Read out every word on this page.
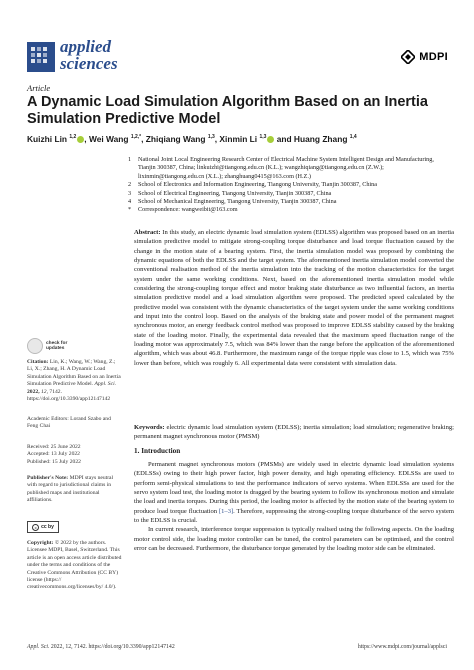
applied
sciences	MDPI
Article
A Dynamic Load Simulation Algorithm Based on an Inertia Simulation Predictive Model
Kuizhi Lin $^{1,2}$ , Wei Wang $^{1,2,*}$, Zhiqiang Wang $^{1,3}$, Xinmin Li $^{1,3}$ and Huang Zhang $^{1,4}$
1	National Joint Local Engineering Research Center of Electrical Machine System Intelligent Design and Manufacturing, Tianjin 300387, China; linkuizhi@tiangong.edu.cn (K.L.); wangzhiqiang@tiangong.edu.cn (Z.W.); lixinmin@tiangong.edu.cn (X.L.); zhanghuang0415@163.com (H.Z.)
2	School of Electronics and Information Engineering, Tiangong University, Tianjin 300387, China
3	School of Electrical Engineering, Tiangong University, Tianjin 300387, China
4	School of Mechanical Engineering, Tiangong University, Tianjin 300387, China
*	Correspondence: wangweibit@163.com
Abstract: In this study, an electric dynamic load simulation system (EDLSS) algorithm was proposed based on an inertia simulation predictive model to mitigate strong-coupling torque disturbance and load torque fluctuation caused by the change in the motion state of a bearing system. First, the inertia simulation model was proposed by combining the dynamic equations of both the EDLSS and the target system. The aforementioned inertia simulation model converted the conventional realisation method of the inertia simulation into the tracking of the motion characteristics for the target system under the same working conditions. Next, based on the aforementioned inertia simulation model while considering the strong-coupling torque effect and motor braking state disturbance as two influential factors, an inertia simulation predictive model and a load simulation algorithm were proposed. The predicted speed calculated by the predictive model was consistent with the dynamic characteristics of the target system under the same working conditions and input into the control loop. Based on the analysis of the braking state and power model of the permanent magnet synchronous motor, an energy feedback control method was proposed to improve EDLSS stability caused by the braking state of the loading motor. Finally, the experimental data revealed that the maximum speed fluctuation range of the loading motor was approximately 7.5, which was 84% lower than the range before the application of the aforementioned algorithm, which was about 46.8. Furthermore, the maximum range of the torque ripple was close to 1.5, which was 75% lower than before, which was roughly 6. All experimental data were consistent with simulation data.
Keywords: electric dynamic load simulation system (EDLSS); inertia simulation; load simulation; regenerative braking; permanent magnet synchronous motor (PMSM)
check for
updates
Citation: Lin, K.; Wang, W.; Wang, Z.; Li, X.; Zhang, H. A Dynamic Load Simulation Algorithm Based on an Inertia Simulation Predictive Model. Appl. Sci. 2022, 12, 7142. https://doi.org/10.3390/app12147142
Academic Editors: Lorand Szabo and Feng Chai
Received: 25 June 2022
Accepted: 13 July 2022
Published: 15 July 2022
Publisher's Note: MDPI stays neutral with regard to jurisdictional claims in published maps and institutional affiliations.
c cc by
Copyright: © 2022 by the authors. Licensee MDPI, Basel, Switzerland. This article is an open access article distributed under the terms and conditions of the Creative Commons Attribution (CC BY) license (https:// creativecommons.org/licenses/by/ 4.0/).
1. Introduction

Permanent magnet synchronous motors (PMSMs) are widely used in electric dynamic load simulation systems (EDLSSs) owing to their high power factor, high power density, and high operating efficiency. EDLSSs are used to perform semi-physical simulations to test the performance indicators of servo systems. When EDLSSs are used for the servo system load test, the loading motor is dragged by the bearing system to follow its synchronous motion and simulate the load and inertia torques. During this period, the loading motor is affected by the motion state of the bearing system to produce load torque fluctuation [1–3]. Therefore, suppressing the strong-coupling torque disturbance of the servo system to the EDLSS is crucial.

In current research, interference torque suppression is typically realised using the following aspects. On the loading motor control side, the loading motor controller can be tuned, the control parameters can be optimised, and the control error can be decreased. Furthermore, the disturbance torque generated by the loading motor side can be eliminated.

Appl. Sci. 2022, 12, 7142. https://doi.org/10.3390/app12147142	https://www.mdpi.com/journal/applsci
